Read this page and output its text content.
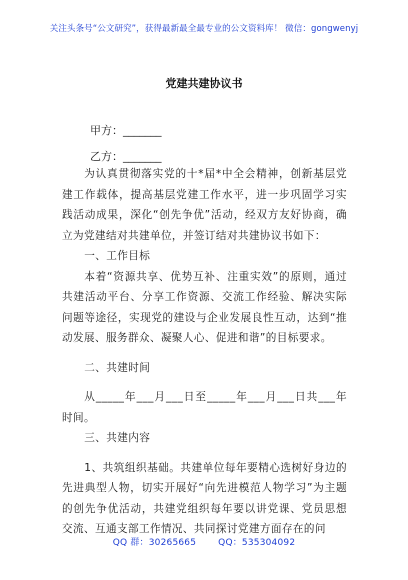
关注头条号“公文研究”，获得最新最全最专业的公文资料库！ 微信：gongwenyj
党建共建协议书
甲方：_______
乙方：_______

为认真贯彻落实党的十*届*中全会精神，创新基层党建工作载体，提高基层党建工作水平，进一步巩固学习实践活动成果，深化“创先争优”活动，经双方友好协商，确立为党建结对共建单位，并签订结对共建协议书如下：

一、工作目标

本着“资源共享、优势互补、注重实效”的原则，通过共建活动平台、分享工作资源、交流工作经验、解决实际问题等途径，实现党的建设与企业发展良性互动，达到“推动发展、服务群众、凝聚人心、促进和谐”的目标要求。

二、共建时间

从_____年___月___日至_____年___月___日共___年时间。

三、共建内容

1、共筑组织基础。共建单位每年要精心选树好身边的先进典型人物，切实开展好“向先进模范人物学习”为主题的创先争优活动，共建党组织每年要以讲党课、党员思想交流、互通支部工作情况、共同探讨党建方面存在的问

QQ 群：30265665 QQ：535304092
